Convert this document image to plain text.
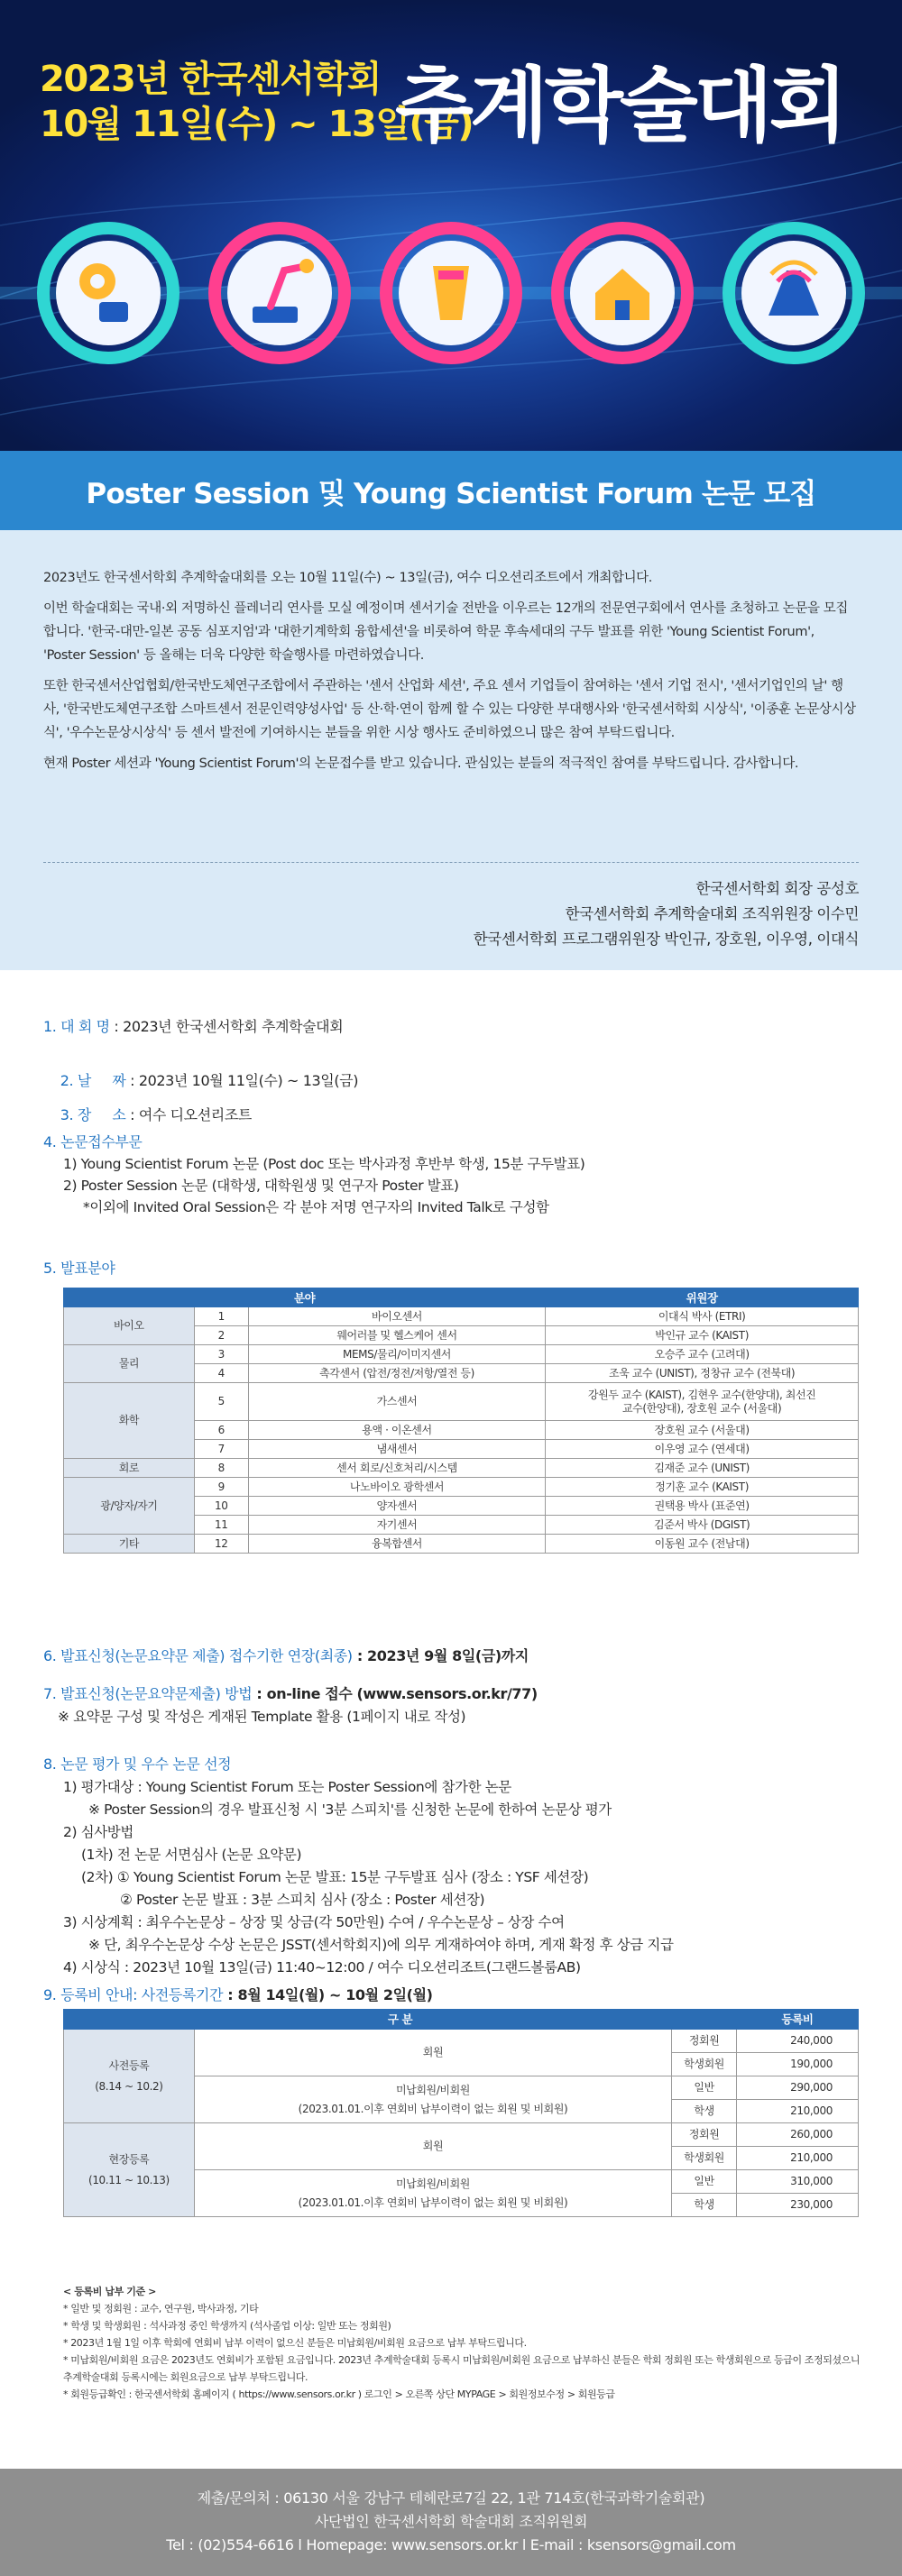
2023년 한국센서학회
10월 11일(수) ~ 13일(금)
추계학술대회
Poster Session 및 Young Scientist Forum 논문 모집

2023년도 한국센서학회 추계학술대회를 오는 10월 11일(수) ~ 13일(금), 여수 디오션리조트에서 개최합니다.

이번 학술대회는 국내·외 저명하신 플레너리 연사를 모실 예정이며 센서기술 전반을 이우르는 12개의 전문연구회에서 연사를 초청하고 논문을 모집합니다. '한국-대만-일본 공동 심포지엄'과 '대한기계학회 융합세션'을 비롯하여 학문 후속세대의 구두 발표를 위한 'Young Scientist Forum', 'Poster Session' 등 올해는 더욱 다양한 학술행사를 마련하였습니다.

또한 한국센서산업협회/한국반도체연구조합에서 주관하는 '센서 산업화 세션', 주요 센서 기업들이 참여하는 '센서 기업 전시', '센서기업인의 날' 행사, '한국반도체연구조합 스마트센서 전문인력양성사업' 등 산·학·연이 함께 할 수 있는 다양한 부대행사와 '한국센서학회 시상식', '이종훈 논문상시상식', '우수논문상시상식' 등 센서 발전에 기여하시는 분들을 위한 시상 행사도 준비하였으니 많은 참여 부탁드립니다.

현재 Poster 세션과 'Young Scientist Forum'의 논문접수를 받고 있습니다. 관심있는 분들의 적극적인 참여를 부탁드립니다. 감사합니다.

한국센서학회 회장 공성호
한국센서학회 추계학술대회 조직위원장 이수민
한국센서학회 프로그램위원장 박인규, 장호원, 이우영, 이대식
1. 대 회 명 : 2023년 한국센서학회 추계학술대회

2. 날     짜 : 2023년 10월 11일(수) ~ 13일(금)

3. 장     소 : 여수 디오션리조트

4. 논문접수부문
1) Young Scientist Forum 논문 (Post doc 또는 박사과정 후반부 학생, 15분 구두발표)
2) Poster Session 논문 (대학생, 대학원생 및 연구자 Poster 발표)
*이외에 Invited Oral Session은 각 분야 저명 연구자의 Invited Talk로 구성함
5. 발표분야
분야			위원장
바이오	1	바이오센서	이대식 박사 (ETRI)
	2	웨어러블 및 헬스케어 센서	박인규 교수 (KAIST)
물리	3	MEMS/물리/이미지센서	오승주 교수 (고려대)
	4	촉각센서 (압전/정전/저항/열전 등)	조욱 교수 (UNIST), 정창규 교수 (전북대)
화학	5	가스센서	강원두 교수 (KAIST), 김현우 교수(한양대), 최선진 교수(한양대), 장호원 교수 (서울대)
	6	용액 · 이온센서	장호원 교수 (서울대)
	7	냄새센서	이우영 교수 (연세대)
회로	8	센서 회로/신호처리/시스템	김재준 교수 (UNIST)
광/양자/자기	9	나노바이오 광학센서	정기훈 교수 (KAIST)
	10	양자센서	권택용 박사 (표준연)
	11	자기센서	김준서 박사 (DGIST)
기타	12	융복합센서	이동원 교수 (전남대)
6. 발표신청(논문요약문 제출) 접수기한 연장(최종) : 2023년 9월 8일(금)까지
7. 발표신청(논문요약문제출) 방법 : on-line 접수 (www.sensors.or.kr/77)
※ 요약문 구성 및 작성은 게재된 Template 활용 (1페이지 내로 작성)
8. 논문 평가 및 우수 논문 선정
1) 평가대상 : Young Scientist Forum 또는 Poster Session에 참가한 논문
※ Poster Session의 경우 발표신청 시 '3분 스피치'를 신청한 논문에 한하여 논문상 평가
2) 심사방법
(1차) 전 논문 서면심사 (논문 요약문)
(2차) ① Young Scientist Forum 논문 발표: 15분 구두발표 심사 (장소 : YSF 세션장)
② Poster 논문 발표 : 3분 스피치 심사 (장소 : Poster 세션장)
3) 시상계획 : 최우수논문상 – 상장 및 상금(각 50만원) 수여 / 우수논문상 – 상장 수여
※ 단, 최우수논문상 수상 논문은 JSST(센서학회지)에 의무 게재하여야 하며, 게재 확정 후 상금 지급
4) 시상식 : 2023년 10월 13일(금) 11:40~12:00 / 여수 디오션리조트(그랜드볼룸AB)
9. 등록비 안내: 사전등록기간 : 8월 14일(월) ~ 10월 2일(월)
구 분			등록비

사전등록
(8.14 ~ 10.2)	회원	정회원	240,000
		학생회원	190,000

	미납회원/비회원
(2023.01.01.이후 연회비 납부이력이 없는 회원 및 비회원)	일반	290,000
		학생	210,000

현장등록
(10.11 ~ 10.13)	회원	정회원	260,000
		학생회원	210,000

	미납회원/비회원
(2023.01.01.이후 연회비 납부이력이 없는 회원 및 비회원)	일반	310,000
		학생	230,000
< 등록비 납부 기준 >
* 일반 및 정회원 : 교수, 연구원, 박사과정, 기타
* 학생 및 학생회원 : 석사과정 중인 학생까지 (석사졸업 이상: 일반 또는 정회원)
* 2023년 1월 1일 이후 학회에 연회비 납부 이력이 없으신 분들은 미납회원/비회원 요금으로 납부 부탁드립니다.
* 미납회원/비회원 요금은 2023년도 연회비가 포함된 요금입니다. 2023년 추계학술대회 등록시 미납회원/비회원 요금으로 납부하신 분들은 학회 정회원 또는 학생회원으로 등급이 조정되셨으니 추계학술대회 등록시에는 회원요금으로 납부 부탁드립니다.
* 회원등급확인 : 한국센서학회 홈페이지 ( https://www.sensors.or.kr ) 로그인 > 오른쪽 상단 MYPAGE > 회원정보수정 > 회원등급
제출/문의처 : 06130 서울 강남구 테헤란로7길 22, 1관 714호(한국과학기술회관)
사단법인 한국센서학회 학술대회 조직위원회
Tel : (02)554-6616 l Homepage: www.sensors.or.kr l E-mail : ksensors@gmail.com
